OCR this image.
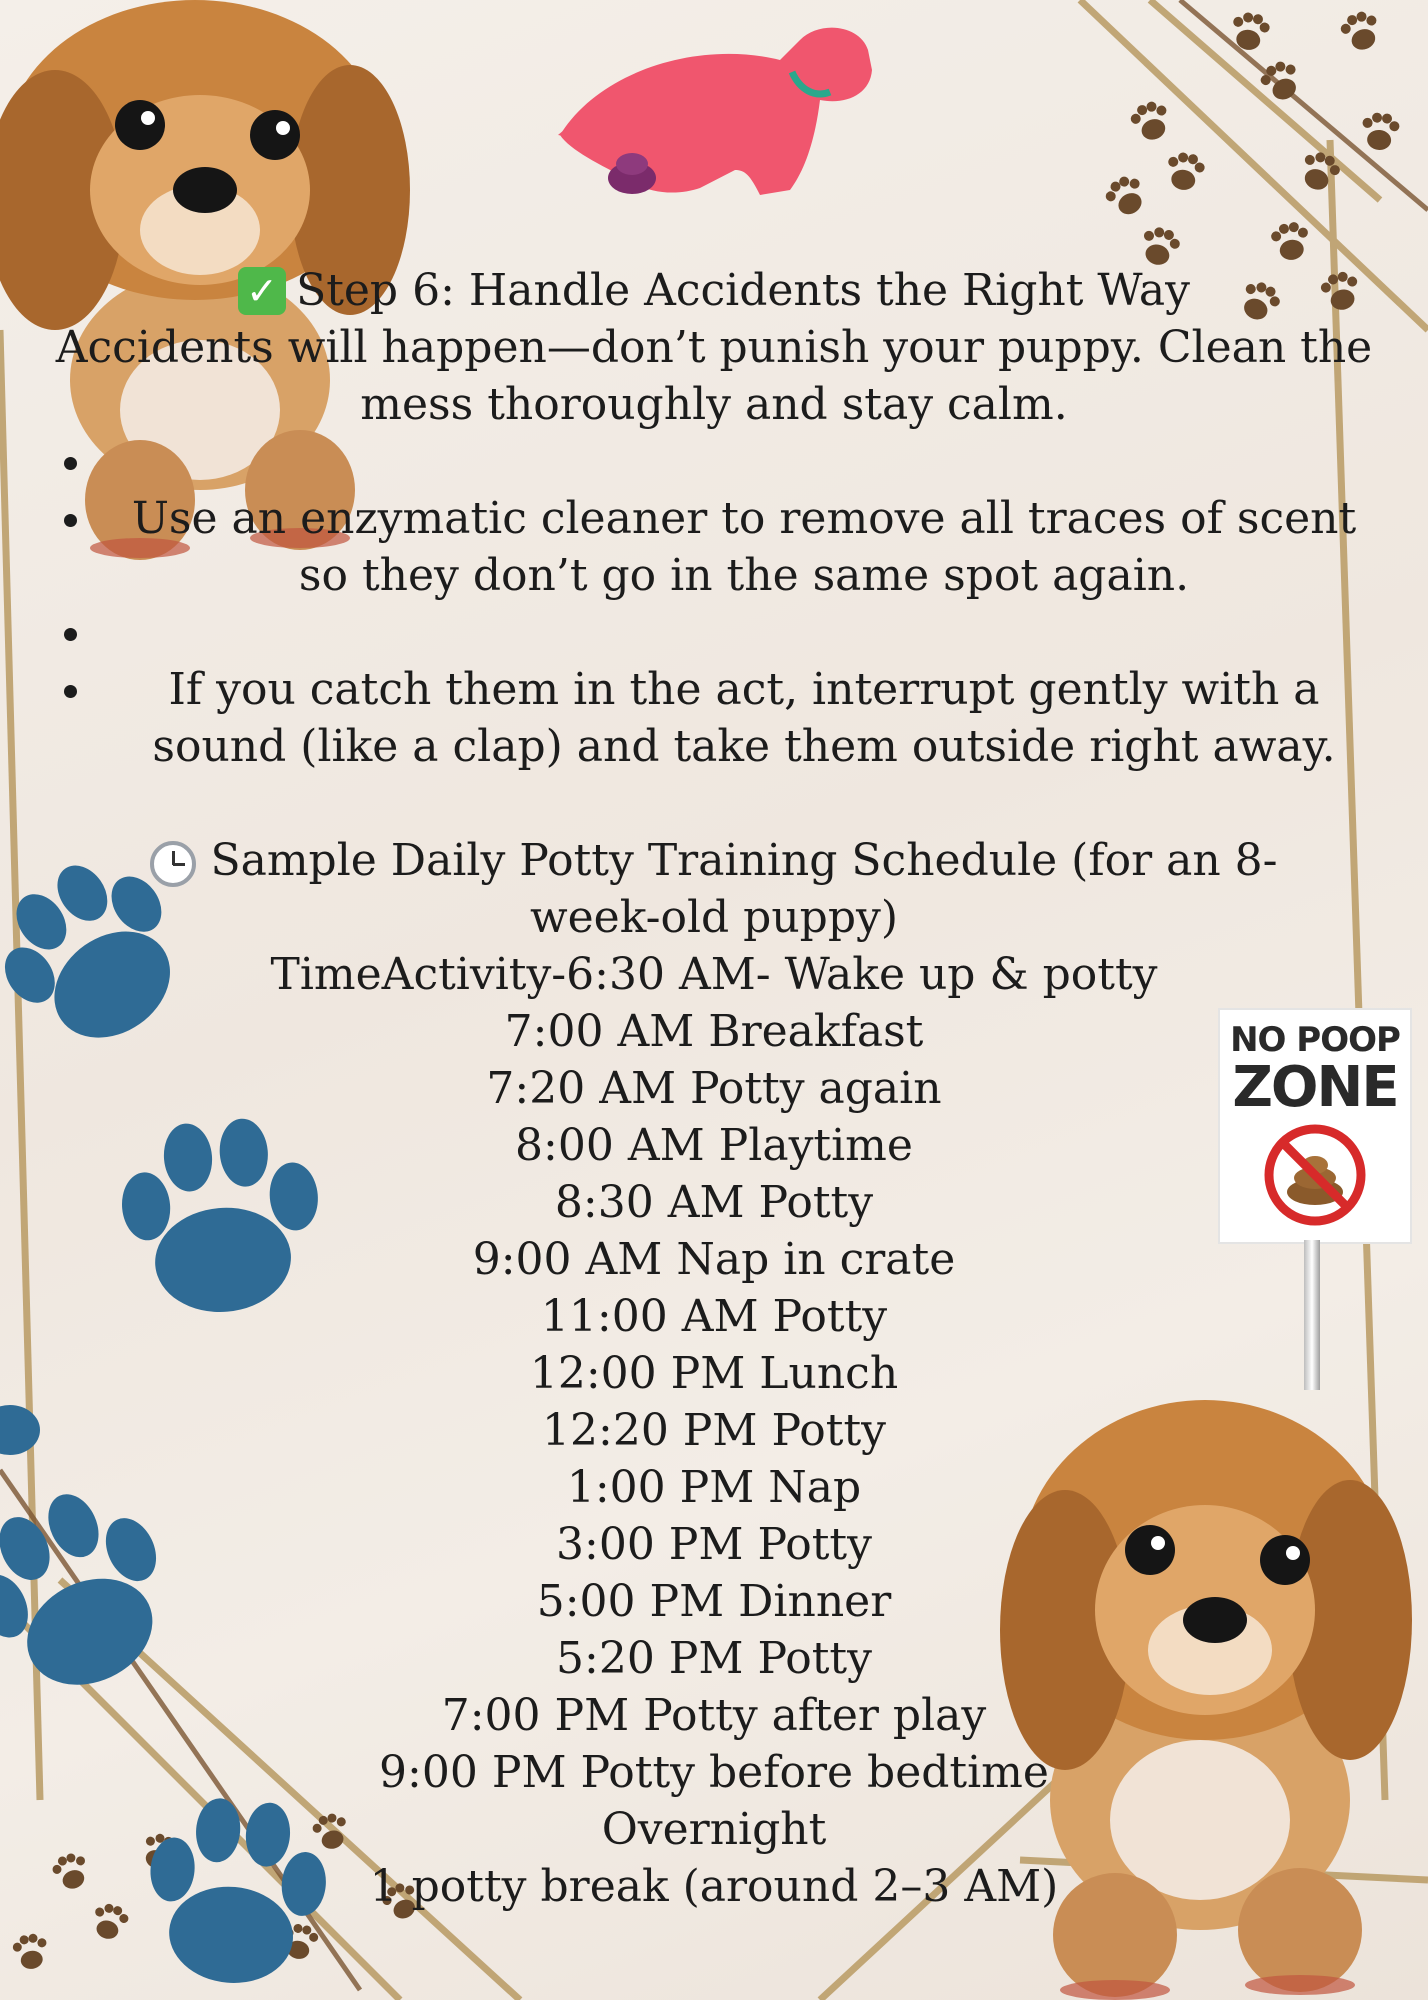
NO POOP
ZONE

✓ Step 6: Handle Accidents the Right Way

Accidents will happen—don’t punish your puppy. Clean the mess thoroughly and stay calm.

Use an enzymatic cleaner to remove all traces of scent so they don’t go in the same spot again.
If you catch them in the act, interrupt gently with a sound (like a clap) and take them outside right away.

Sample Daily Potty Training Schedule (for an 8-week-old puppy)

TimeActivity-6:30 AM- Wake up & potty

7:00 AM Breakfast

7:20 AM Potty again

8:00 AM Playtime

8:30 AM Potty

9:00 AM Nap in crate

11:00 AM Potty

12:00 PM Lunch

12:20 PM Potty

1:00 PM Nap

3:00 PM Potty

5:00 PM Dinner

5:20 PM Potty

7:00 PM Potty after play

9:00 PM Potty before bedtime

Overnight

1 potty break (around 2–3 AM)
